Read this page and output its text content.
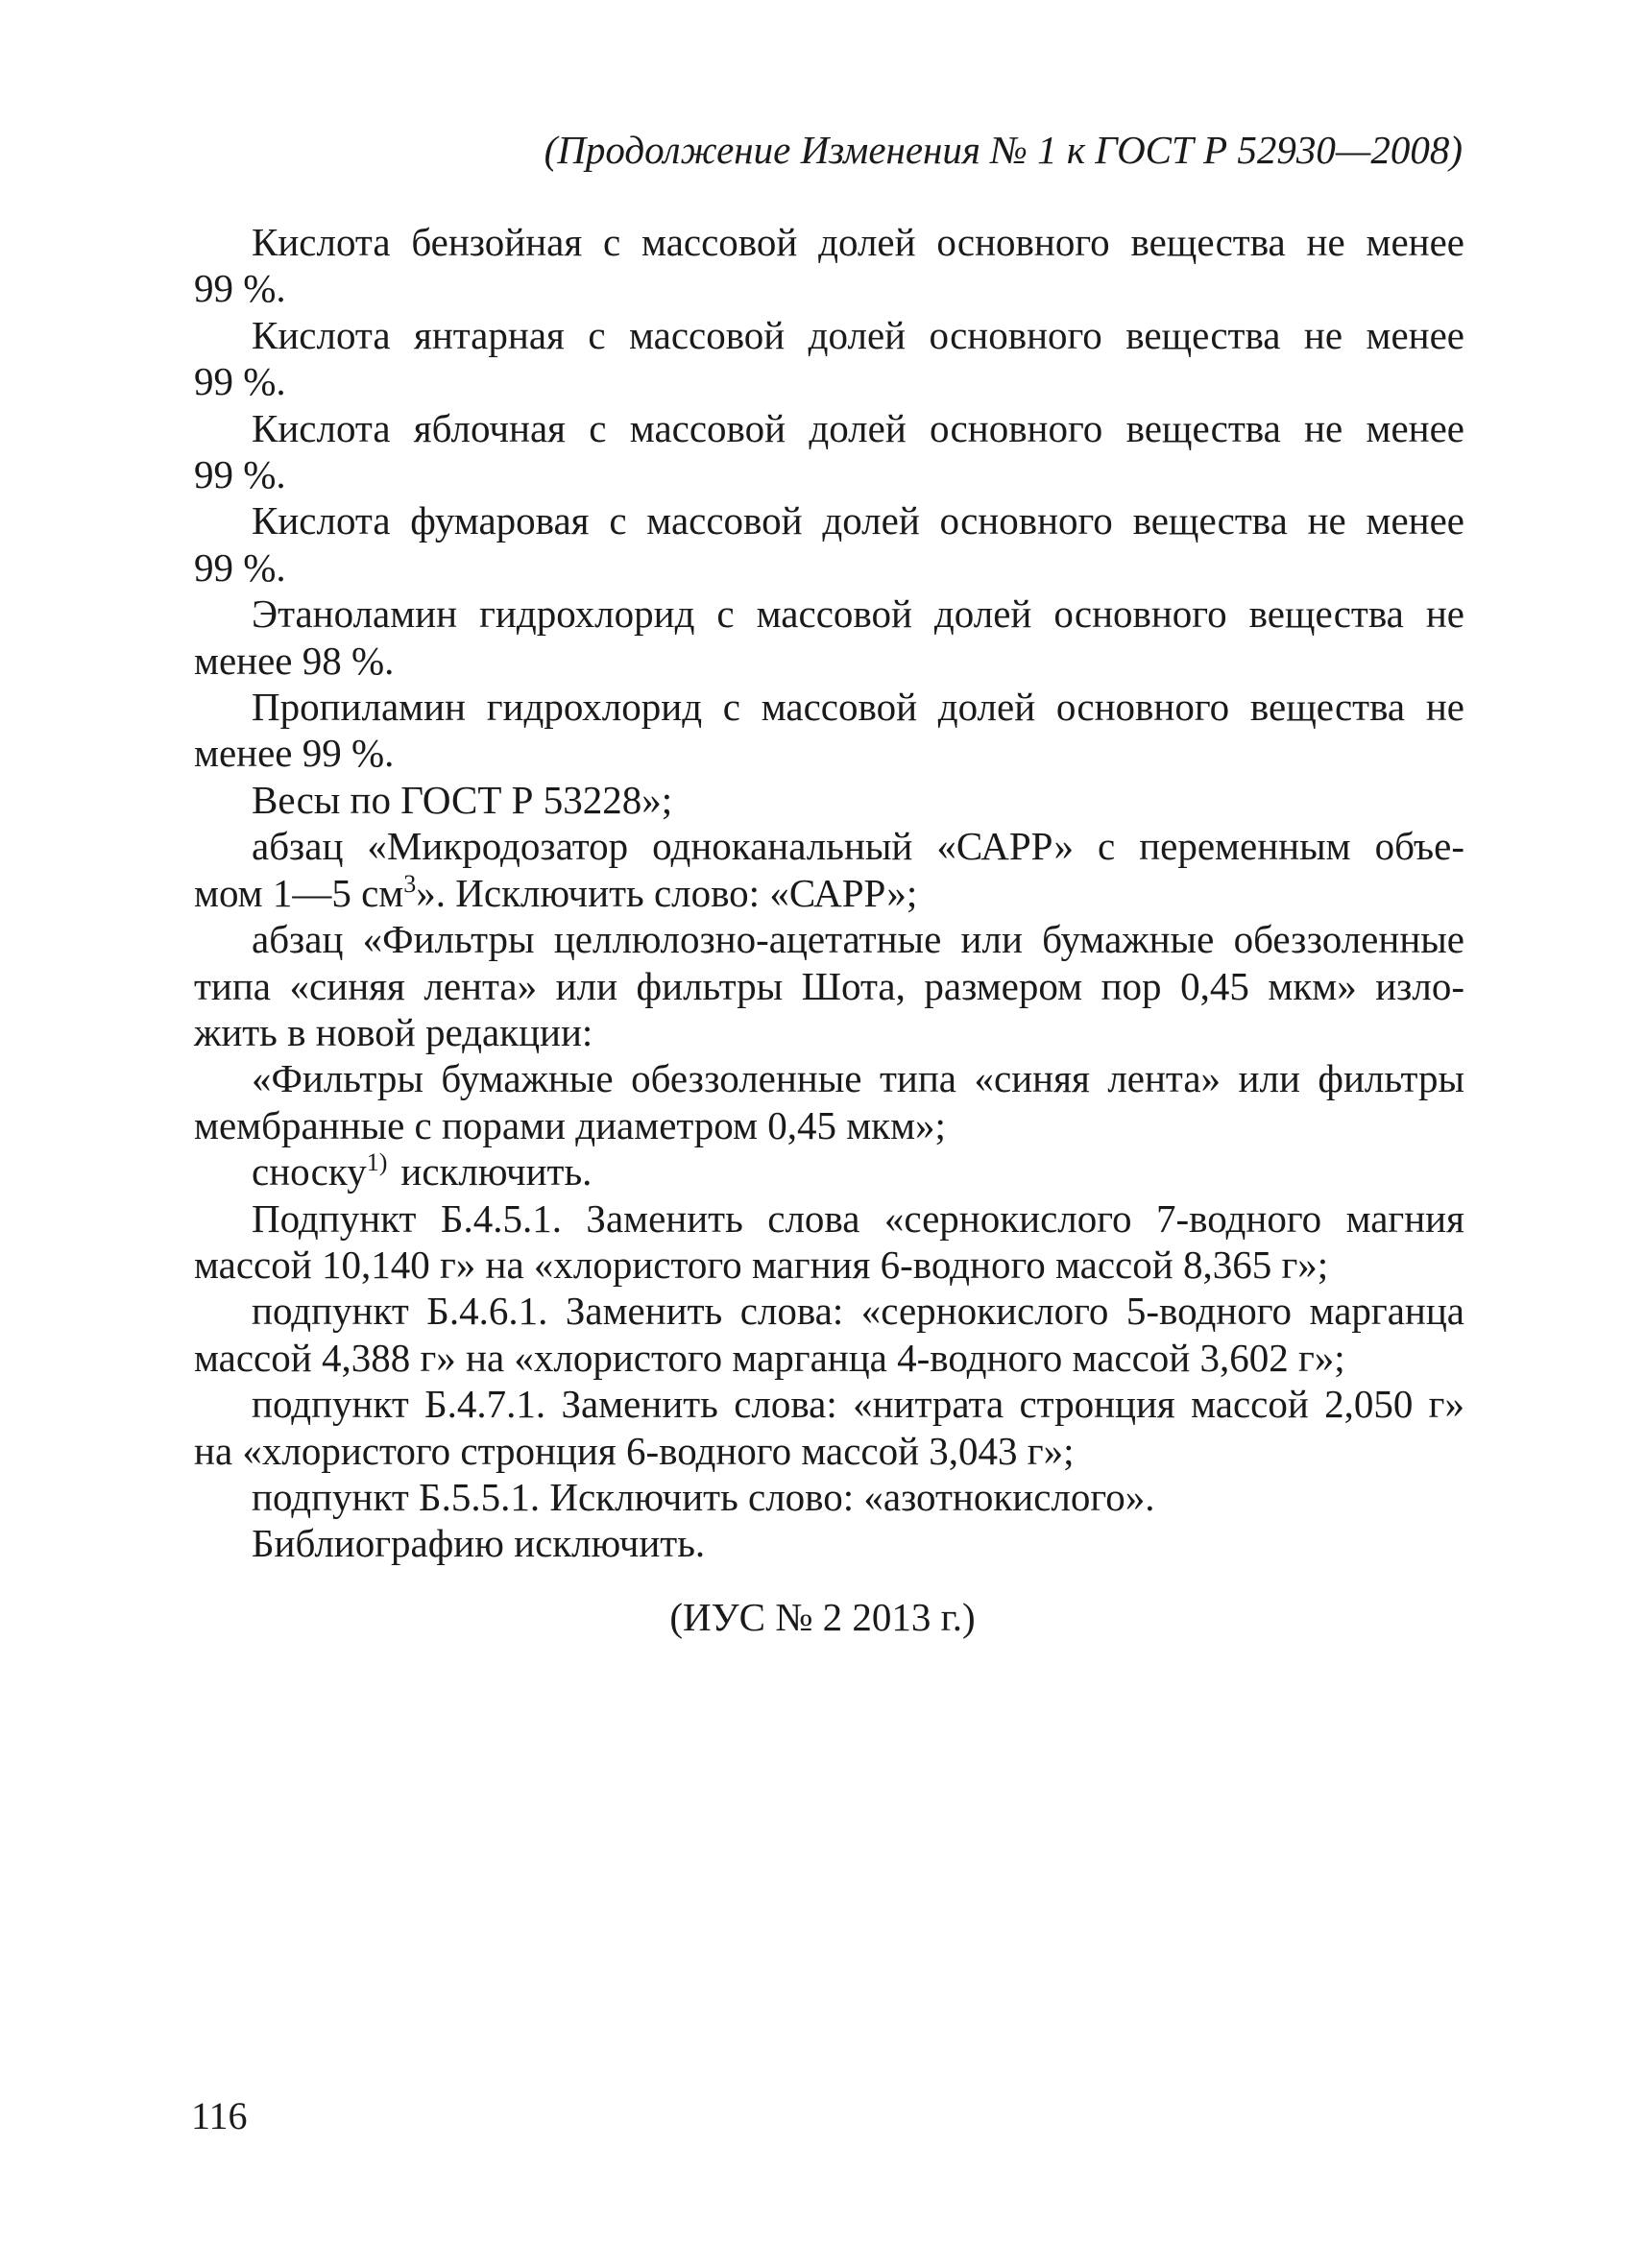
(Продолжение Изменения № 1 к ГОСТ Р 52930—2008)

Кислота бензойная с массовой долей основного вещества не менее
99 %.

Кислота янтарная с массовой долей основного вещества не менее
99 %.

Кислота яблочная с массовой долей основного вещества не менее
99 %.

Кислота фумаровая с массовой долей основного вещества не менее
99 %.

Этаноламин гидрохлорид с массовой долей основного вещества не
менее 98 %.

Пропиламин гидрохлорид с массовой долей основного вещества не
менее 99 %.

Весы по ГОСТ Р 53228»;

абзац «Микродозатор одноканальный «САРР» с переменным объе-
мом 1—5 $см^3$». Исключить слово: «САРР»;

абзац «Фильтры целлюлозно-ацетатные или бумажные обеззоленные
типа «синяя лента» или фильтры Шота, размером пор 0,45 мкм» изло-
жить в новой редакции:

«Фильтры бумажные обеззоленные типа «синяя лента» или фильтры
мембранные с порами диаметром 0,45 мкм»;

сноску$^{1)}$ исключить.

Подпункт Б.4.5.1. Заменить слова «сернокислого 7-водного магния
массой 10,140 г» на «хлористого магния 6-водного массой 8,365 г»;

подпункт Б.4.6.1. Заменить слова: «сернокислого 5-водного марганца
массой 4,388 г» на «хлористого марганца 4-водного массой 3,602 г»;

подпункт Б.4.7.1. Заменить слова: «нитрата стронция массой 2,050 г»
на «хлористого стронция 6-водного массой 3,043 г»;

подпункт Б.5.5.1. Исключить слово: «азотнокислого».

Библиографию исключить.

(ИУС № 2 2013 г.)
116
